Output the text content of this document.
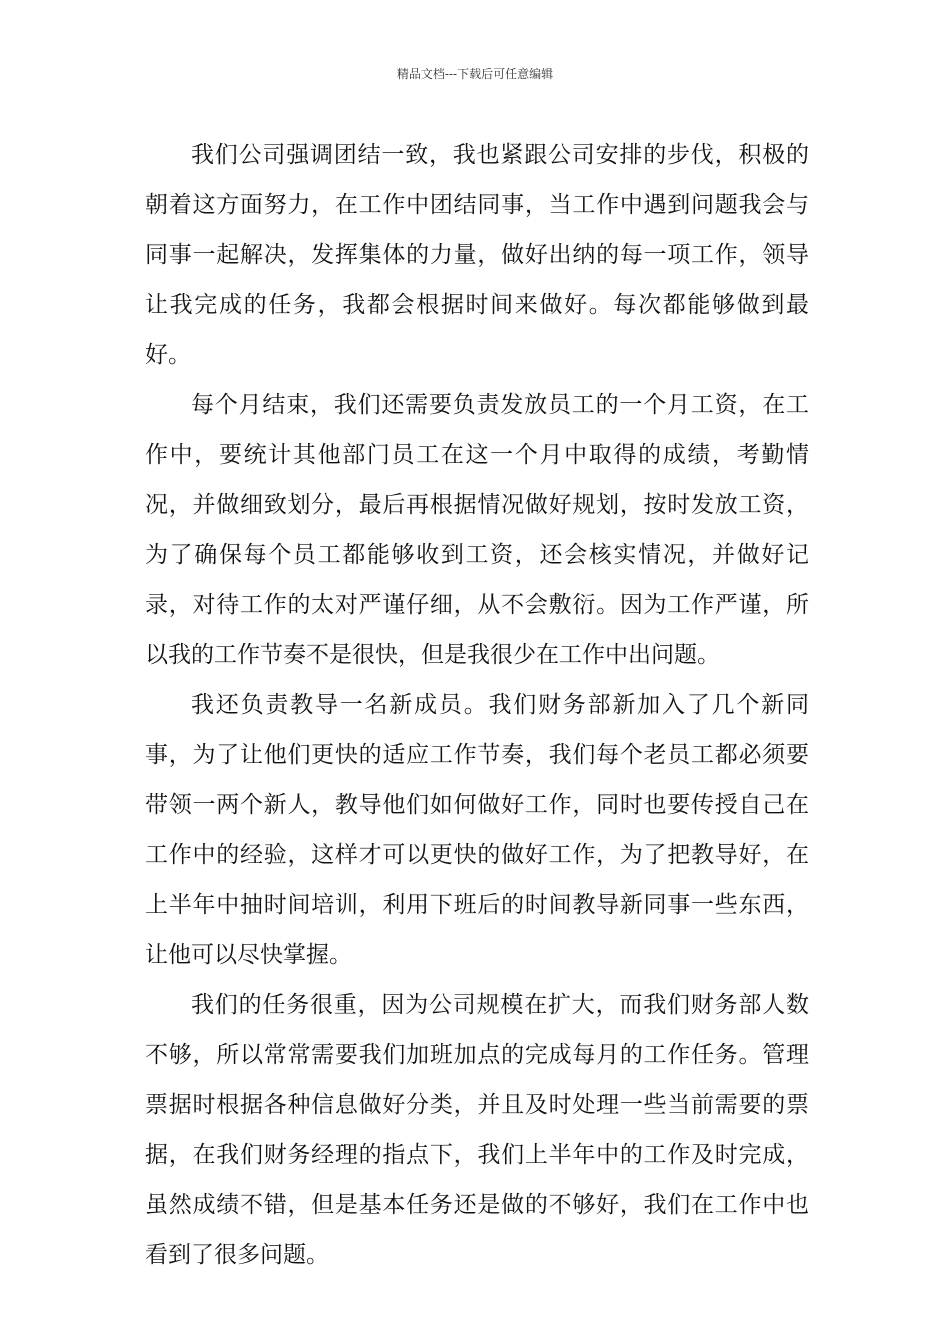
精品文档---下载后可任意编辑

我们公司强调团结一致，我也紧跟公司安排的步伐，积极的朝着这方面努力，在工作中团结同事，当工作中遇到问题我会与同事一起解决，发挥集体的力量，做好出纳的每一项工作，领导让我完成的任务，我都会根据时间来做好。每次都能够做到最好。

每个月结束，我们还需要负责发放员工的一个月工资，在工作中，要统计其他部门员工在这一个月中取得的成绩，考勤情况，并做细致划分，最后再根据情况做好规划，按时发放工资，为了确保每个员工都能够收到工资，还会核实情况，并做好记录，对待工作的太对严谨仔细，从不会敷衍。因为工作严谨，所以我的工作节奏不是很快，但是我很少在工作中出问题。

我还负责教导一名新成员。我们财务部新加入了几个新同事，为了让他们更快的适应工作节奏，我们每个老员工都必须要带领一两个新人，教导他们如何做好工作，同时也要传授自己在工作中的经验，这样才可以更快的做好工作，为了把教导好，在上半年中抽时间培训，利用下班后的时间教导新同事一些东西，让他可以尽快掌握。

我们的任务很重，因为公司规模在扩大，而我们财务部人数不够，所以常常需要我们加班加点的完成每月的工作任务。管理票据时根据各种信息做好分类，并且及时处理一些当前需要的票据，在我们财务经理的指点下，我们上半年中的工作及时完成，虽然成绩不错，但是基本任务还是做的不够好，我们在工作中也看到了很多问题。
